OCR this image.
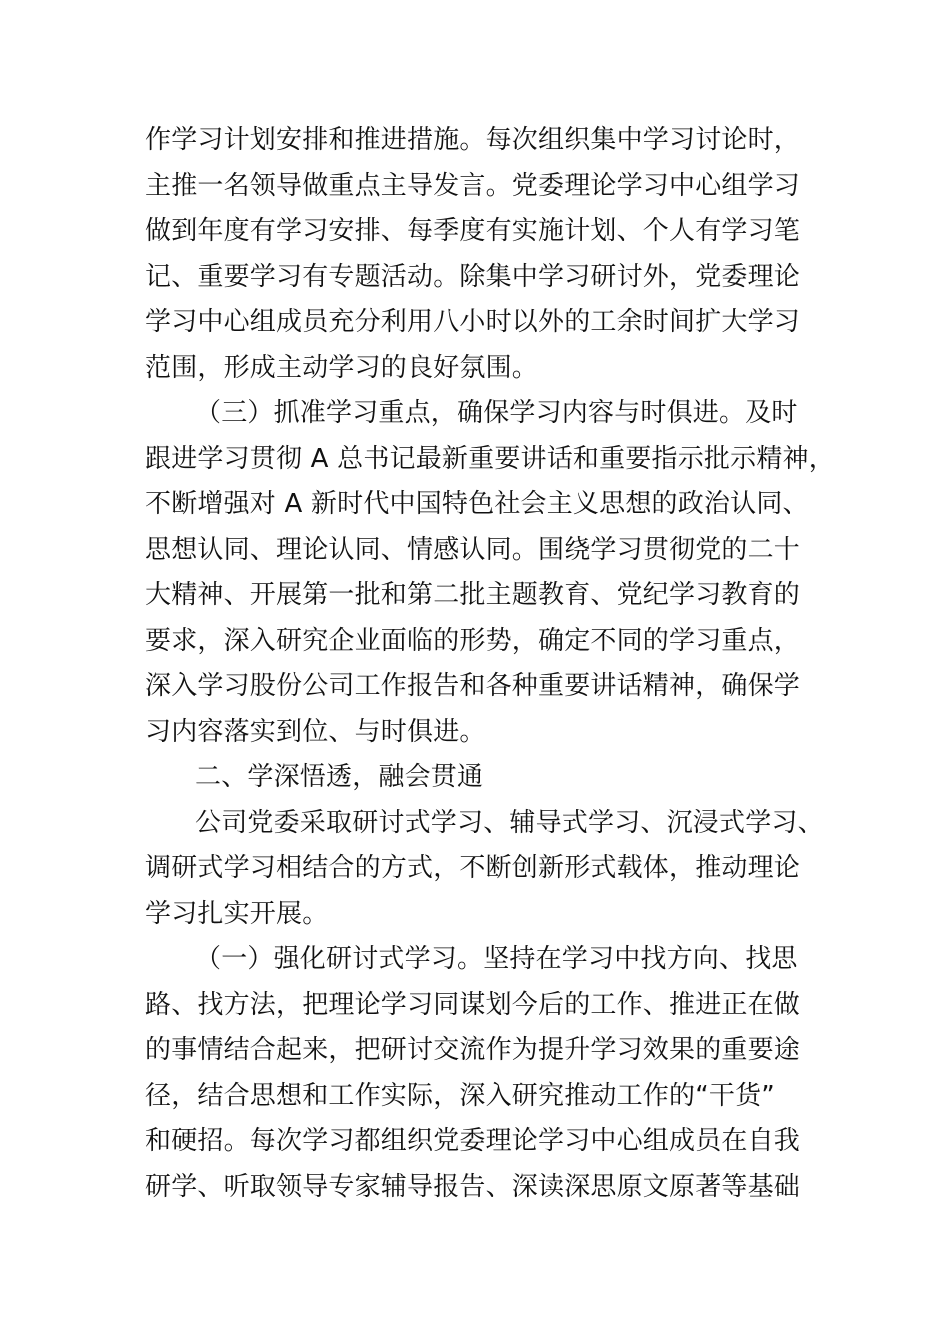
作学习计划安排和推进措施。每次组织集中学习讨论时，
主推一名领导做重点主导发言。党委理论学习中心组学习
做到年度有学习安排、每季度有实施计划、个人有学习笔
记、重要学习有专题活动。除集中学习研讨外，党委理论
学习中心组成员充分利用八小时以外的工余时间扩大学习
范围，形成主动学习的良好氛围。
（三）抓准学习重点，确保学习内容与时俱进。及时
跟进学习贯彻 A 总书记最新重要讲话和重要指示批示精神，
不断增强对 A 新时代中国特色社会主义思想的政治认同、
思想认同、理论认同、情感认同。围绕学习贯彻党的二十
大精神、开展第一批和第二批主题教育、党纪学习教育的
要求，深入研究企业面临的形势，确定不同的学习重点，
深入学习股份公司工作报告和各种重要讲话精神，确保学
习内容落实到位、与时俱进。
二、学深悟透，融会贯通
公司党委采取研讨式学习、辅导式学习、沉浸式学习、
调研式学习相结合的方式，不断创新形式载体，推动理论
学习扎实开展。
（一）强化研讨式学习。坚持在学习中找方向、找思
路、找方法，把理论学习同谋划今后的工作、推进正在做
的事情结合起来，把研讨交流作为提升学习效果的重要途
径，结合思想和工作实际，深入研究推动工作的“干货”
和硬招。每次学习都组织党委理论学习中心组成员在自我
研学、听取领导专家辅导报告、深读深思原文原著等基础
